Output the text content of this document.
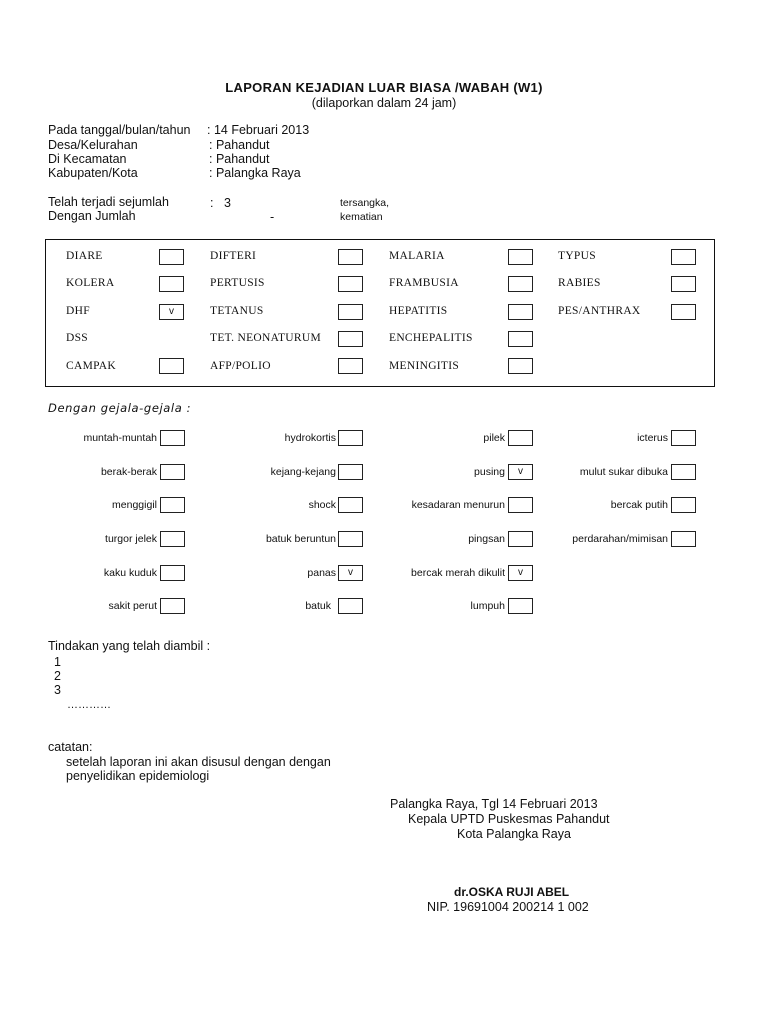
LAPORAN KEJADIAN LUAR BIASA /WABAH (W1)
(dilaporkan dalam 24 jam)
Pada tanggal/bulan/tahun : 14 Februari 2013
Desa/Kelurahan	: Pahandut
Di Kecamatan	: Pahandut
Kabupaten/Kota	: Palangka Raya
Telah terjadi sejumlah	: 3	tersangka,
Dengan Jumlah	-	kematian
DIARE	DIFTERI	MALARIA	TYPUS
KOLERA	PERTUSIS	FRAMBUSIA	RABIES
DHF	v	TETANUS	HEPATITIS	PES/ANTHRAX
DSS	TET. NEONATURUM	ENCHEPALITIS
CAMPAK	AFP/POLIO	MENINGITIS
Dengan gejala-gejala :
muntah-muntah	hydrokortis	pilek	icterus
berak-berak	kejang-kejang	pusing	v	mulut sukar dibuka
menggigil	shock	kesadaran menurun	bercak putih
turgor jelek	batuk beruntun	pingsan	perdarahan/mimisan
kaku kuduk	panas	v	bercak merah dikulit	v
sakit perut	batuk	lumpuh
Tindakan yang telah diambil :
1
2
3
…………
catatan:
setelah laporan ini akan disusul dengan dengan
penyelidikan epidemiologi
Palangka Raya, Tgl 14 Februari 2013
Kepala UPTD Puskesmas Pahandut
Kota Palangka Raya
dr.OSKA RUJI ABEL
NIP. 19691004 200214 1 002
